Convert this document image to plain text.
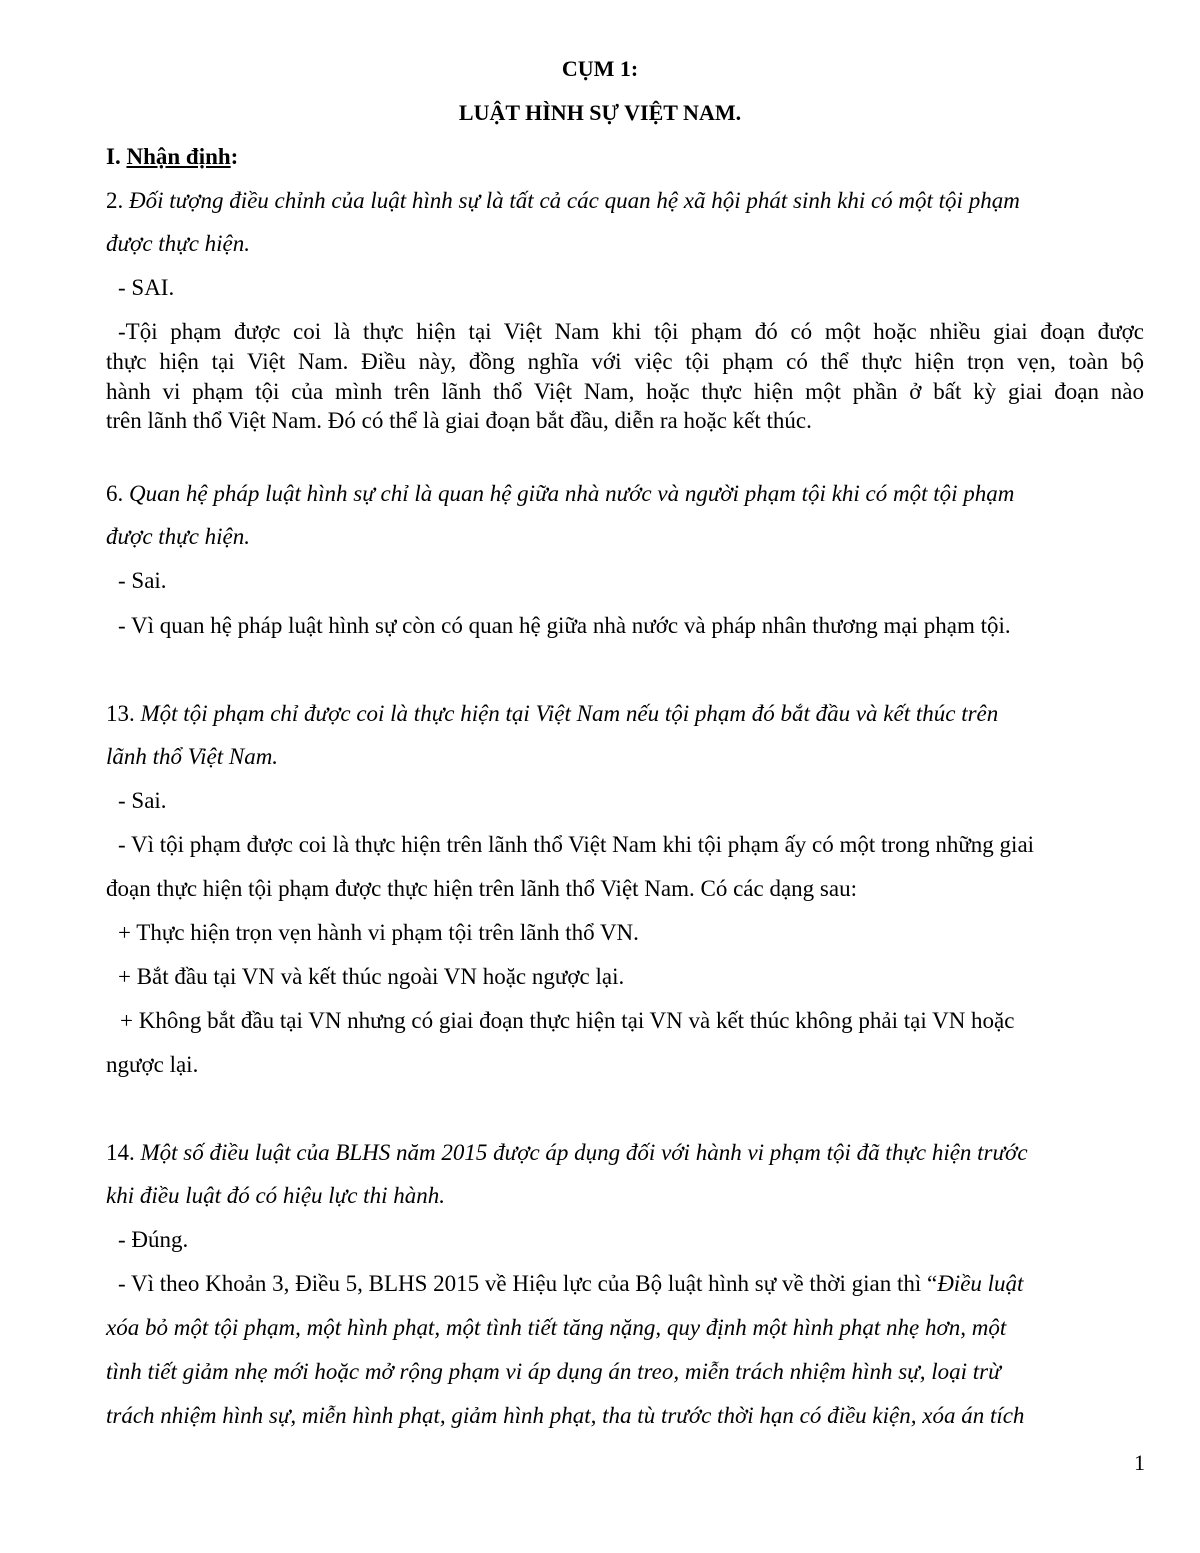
CỤM 1:
LUẬT HÌNH SỰ VIỆT NAM.
I. Nhận định:
2. Đối tượng điều chỉnh của luật hình sự là tất cả các quan hệ xã hội phát sinh khi có một tội phạm
được thực hiện.
- SAI.
-Tội phạm được coi là thực hiện tại Việt Nam khi tội phạm đó có một hoặc nhiều giai đoạn được
thực hiện tại Việt Nam. Điều này, đồng nghĩa với việc tội phạm có thể thực hiện trọn vẹn, toàn bộ
hành vi phạm tội của mình trên lãnh thổ Việt Nam, hoặc thực hiện một phần ở bất kỳ giai đoạn nào
trên lãnh thổ Việt Nam. Đó có thể là giai đoạn bắt đầu, diễn ra hoặc kết thúc.
6. Quan hệ pháp luật hình sự chỉ là quan hệ giữa nhà nước và người phạm tội khi có một tội phạm
được thực hiện.
- Sai.
- Vì quan hệ pháp luật hình sự còn có quan hệ giữa nhà nước và pháp nhân thương mại phạm tội.
13. Một tội phạm chỉ được coi là thực hiện tại Việt Nam nếu tội phạm đó bắt đầu và kết thúc trên
lãnh thổ Việt Nam.
- Sai.
- Vì tội phạm được coi là thực hiện trên lãnh thổ Việt Nam khi tội phạm ấy có một trong những giai
đoạn thực hiện tội phạm được thực hiện trên lãnh thổ Việt Nam. Có các dạng sau:
+ Thực hiện trọn vẹn hành vi phạm tội trên lãnh thổ VN.
+ Bắt đầu tại VN và kết thúc ngoài VN hoặc ngược lại.
+ Không bắt đầu tại VN nhưng có giai đoạn thực hiện tại VN và kết thúc không phải tại VN hoặc
ngược lại.
14. Một số điều luật của BLHS năm 2015 được áp dụng đối với hành vi phạm tội đã thực hiện trước
khi điều luật đó có hiệu lực thi hành.
- Đúng.
- Vì theo Khoản 3, Điều 5, BLHS 2015 về Hiệu lực của Bộ luật hình sự về thời gian thì “Điều luật
xóa bỏ một tội phạm, một hình phạt, một tình tiết tăng nặng, quy định một hình phạt nhẹ hơn, một
tình tiết giảm nhẹ mới hoặc mở rộng phạm vi áp dụng án treo, miễn trách nhiệm hình sự, loại trừ
trách nhiệm hình sự, miễn hình phạt, giảm hình phạt, tha tù trước thời hạn có điều kiện, xóa án tích
1
